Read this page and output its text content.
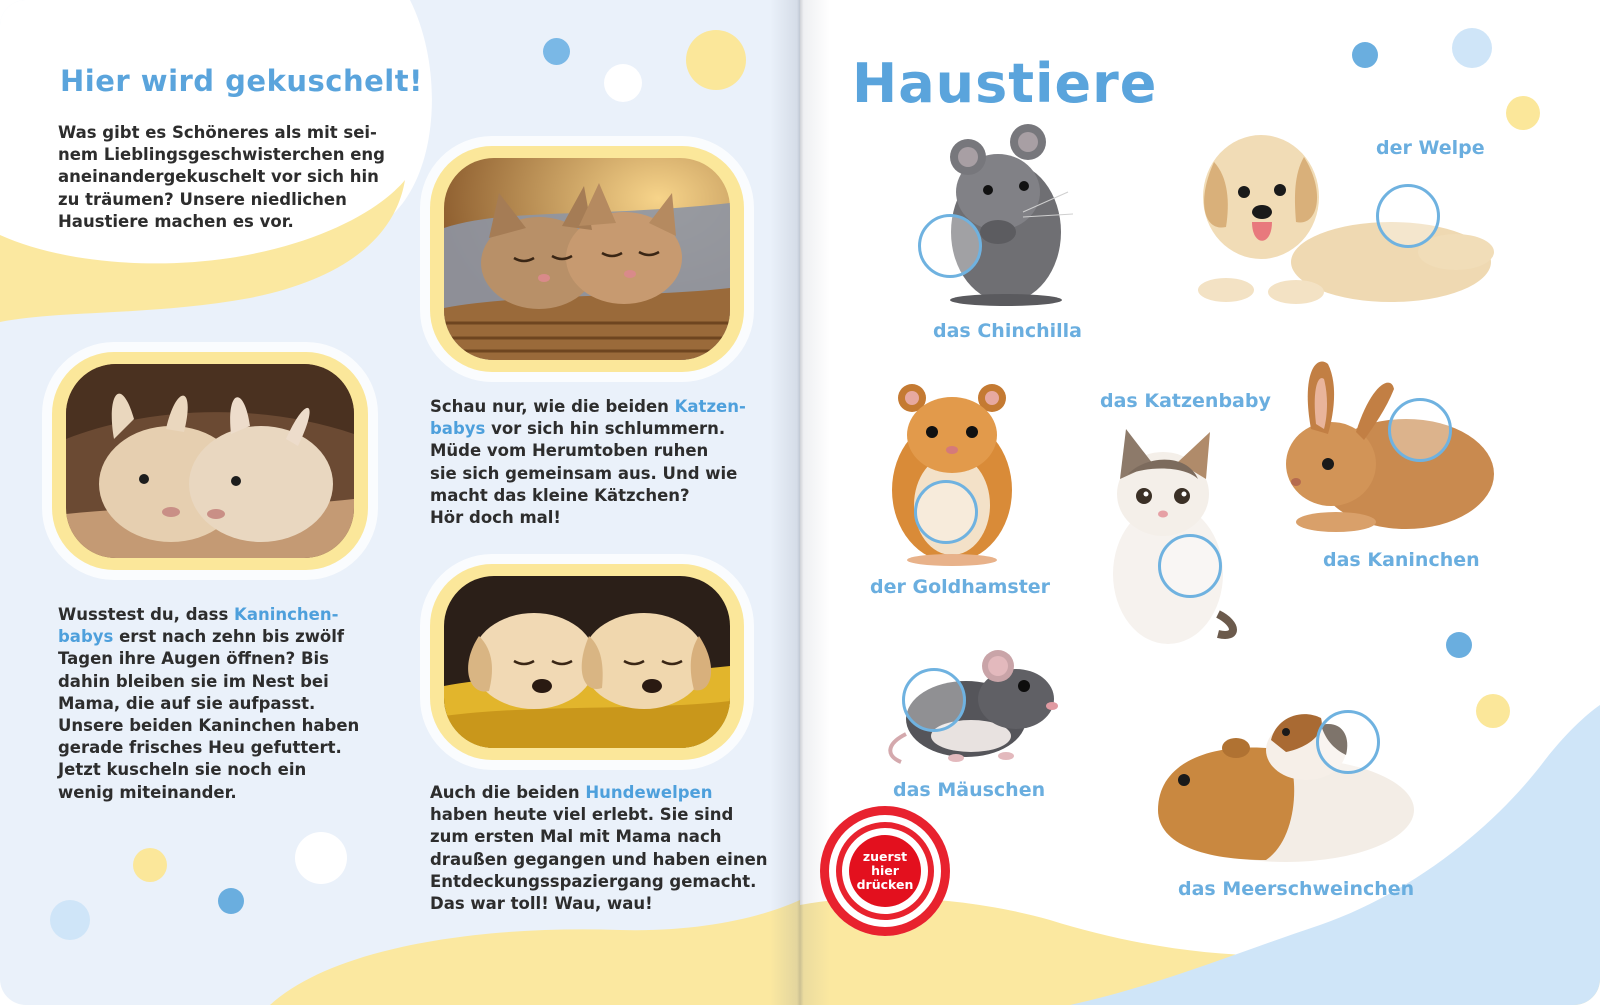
Hier wird gekuschelt!

Was gibt es Schöneres als mit sei-
nem Lieblingsgeschwisterchen eng
aneinandergekuschelt vor sich hin
zu träumen? Unsere niedlichen
Haustiere machen es vor.

Schau nur, wie die beiden Katzen-
babys vor sich hin schlummern.
Müde vom Herumtoben ruhen
sie sich gemeinsam aus. Und wie
macht das kleine Kätzchen?
Hör doch mal!

Wusstest du, dass Kaninchen-
babys erst nach zehn bis zwölf
Tagen ihre Augen öffnen? Bis
dahin bleiben sie im Nest bei
Mama, die auf sie aufpasst.
Unsere beiden Kaninchen haben
gerade frisches Heu gefuttert.
Jetzt kuscheln sie noch ein
wenig miteinander.	Auch die beiden Hundewelpen
haben heute viel erlebt. Sie sind
zum ersten Mal mit Mama nach
draußen gegangen und haben einen
Entdeckungsspaziergang gemacht.
Das war toll! Wau, wau!

Haustiere

das Chinchilla

der Welpe

der Goldhamster

das Katzenbaby

das Kaninchen

das Mäuschen

das Meerschweinchen

zuerst
hier
drücken
